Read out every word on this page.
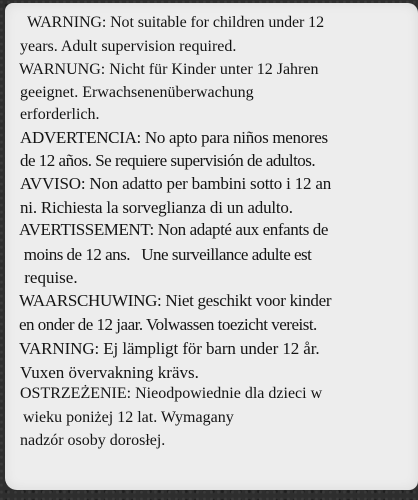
WARNING: Not suitable for children under 12
years. Adult supervision required.
WARNUNG: Nicht für Kinder unter 12 Jahren
geeignet. Erwachsenenüberwachung
erforderlich.
ADVERTENCIA: No apto para niños menores
de 12 años. Se requiere supervisión de adultos.
AVVISO: Non adatto per bambini sotto i 12 an
ni. Richiesta la sorveglianza di un adulto.
AVERTISSEMENT: Non adapté aux enfants de
moins de 12 ans.   Une surveillance adulte est
requise.
WAARSCHUWING: Niet geschikt voor kinder
en onder de 12 jaar. Volwassen toezicht vereist.
VARNING: Ej lämpligt för barn under 12 år.
Vuxen övervakning krävs.
OSTRZEŻENIE: Nieodpowiednie dla dzieci w
wieku poniżej 12 lat. Wymagany
nadzór osoby dorosłej.
